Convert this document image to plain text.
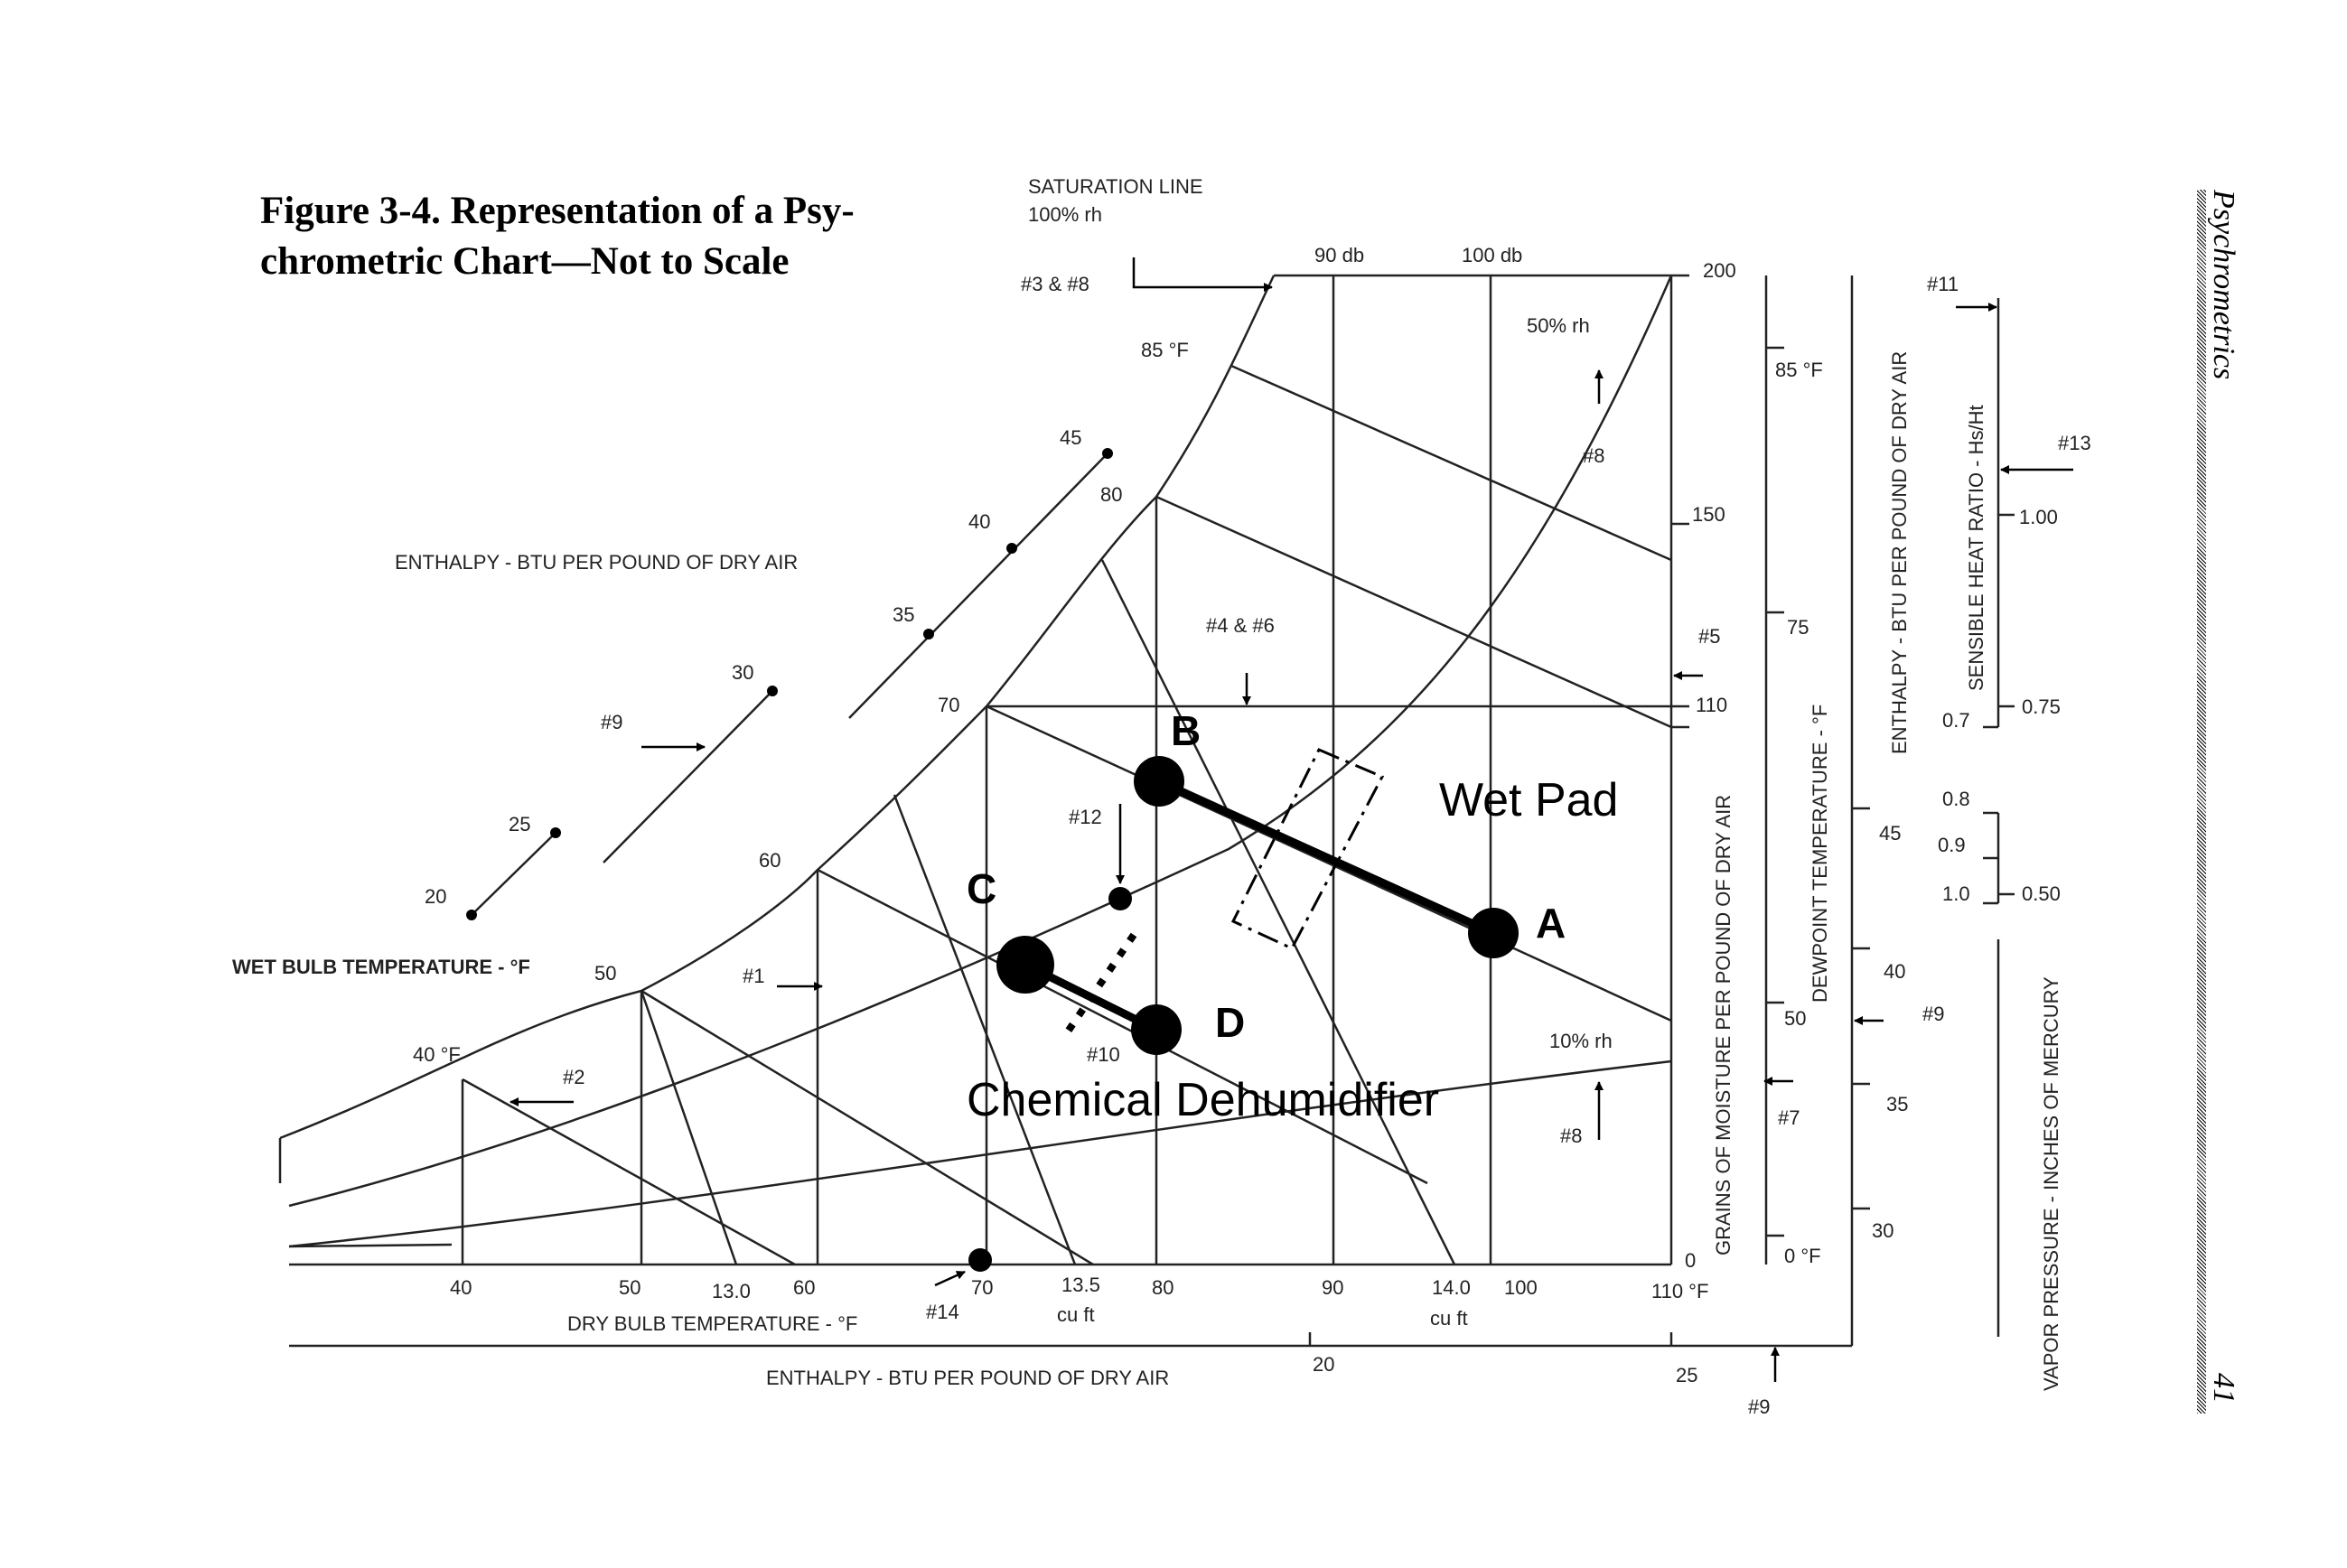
Figure 3-4. Representation of a Psy-
chrometric Chart—Not to Scale	Psychrometrics
41
A
B
C
D
Wet Pad
Chemical Dehumidifier
SATURATION LINE
100% rh
#3 & #8
90 db	100 db
50% rh
#8
85 °F
80
70
60
50
40 °F
20
25
30
35
40
45
ENTHALPY - BTU PER POUND OF DRY AIR
WET BULB TEMPERATURE - °F
#9
#4 & #6
#12
#1
#2
#10
10% rh
#8
40	50	13.0 60	70	13.5
cu ft
80	90	14.0
cu ft
100	110 °F
#14
DRY BULB TEMPERATURE - °F
ENTHALPY - BTU PER POUND OF DRY AIR
20	25
#9
200
150
110
0
#5
#7
85 °F
75
50
0 °F
45
40
35
30
#9
0.7
0.8
0.9
1.0
#11
#13
1.00
0.75
0.50
GRAINS OF MOISTURE PER POUND OF DRY AIR	DEWPOINT TEMPERATURE - °F
ENTHALPY - BTU PER POUND OF DRY AIR	SENSIBLE HEAT RATIO - Hs/Ht
VAPOR PRESSURE - INCHES OF MERCURY
